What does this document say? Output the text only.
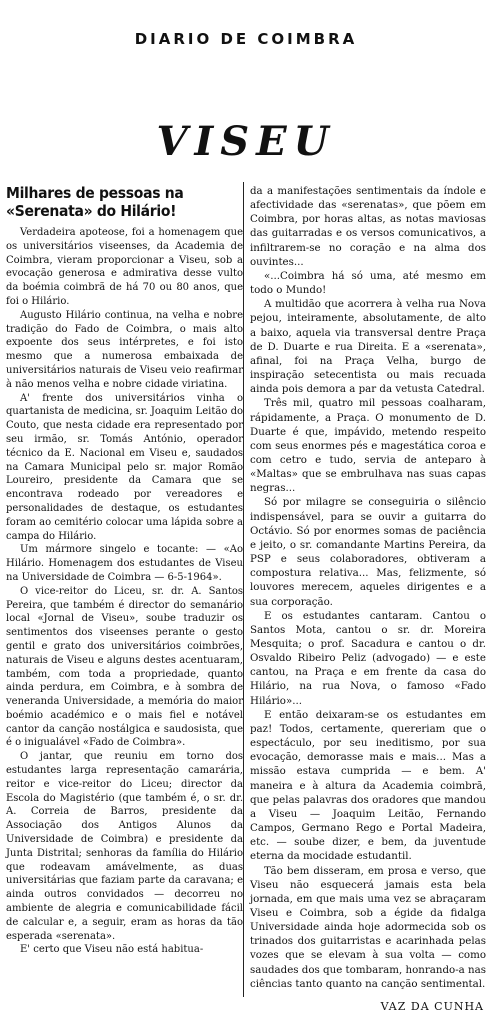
DIARIO DE COIMBRA
VISEU
Milhares de pessoas na «Serenata» do Hilário!

Verdadeira apoteose, foi a homenagem que os universitários viseenses, da Academia de Coimbra, vieram proporcionar a Viseu, sob a evocação generosa e admirativa desse vulto da boémia coimbrã de há 70 ou 80 anos, que foi o Hilário.

Augusto Hilário continua, na velha e nobre tradição do Fado de Coimbra, o mais alto expoente dos seus intérpretes, e foi isto mesmo que a numerosa embaixada de universitários naturais de Viseu veio reafirmar à não menos velha e nobre cidade viriatina.

A' frente dos universitários vinha o quartanista de medicina, sr. Joaquim Leitão do Couto, que nesta cidade era representado por seu irmão, sr. Tomás António, operador técnico da E. Nacional em Viseu e, saudados na Camara Municipal pelo sr. major Romão Loureiro, presidente da Camara que se encontrava rodeado por vereadores e personalidades de destaque, os estudantes foram ao cemitério colocar uma lápida sobre a campa do Hilário.

Um mármore singelo e tocante: — «Ao Hilário. Homenagem dos estudantes de Viseu na Universidade de Coimbra — 6-5-1964».

O vice-reitor do Liceu, sr. dr. A. Santos Pereira, que também é director do semanário local «Jornal de Viseu», soube traduzir os sentimentos dos viseenses perante o gesto gentil e grato dos universitários coimbrões, naturais de Viseu e alguns destes acentuaram, também, com toda a propriedade, quanto ainda perdura, em Coimbra, e à sombra de veneranda Universidade, a memória do maior boémio académico e o mais fiel e notável cantor da canção nostálgica e saudosista, que é o inigualável «Fado de Coimbra».

O jantar, que reuniu em torno dos estudantes larga representação camarária, reitor e vice-reitor do Liceu; director da Escola do Magistério (que também é, o sr. dr. A. Correia de Barros, presidente da Associação dos Antigos Alunos da Universidade de Coimbra) e presidente da Junta Distrital; senhoras da família do Hilário que rodeavam amávelmente, as duas universitárias que faziam parte da caravana; e ainda outros convidados — decorreu no ambiente de alegria e comunicabilidade fácil de calcular e, a seguir, eram as horas da tão esperada «serenata».

E' certo que Viseu não está habitua-

da a manifestações sentimentais da índole e afectividade das «serenatas», que põem em Coimbra, por horas altas, as notas maviosas das guitarradas e os versos comunicativos, a infiltrarem-se no coração e na alma dos ouvintes...

«...Coimbra há só uma, até mesmo em todo o Mundo!

A multidão que acorrera à velha rua Nova pejou, inteiramente, absolutamente, de alto a baixo, aquela via transversal dentre Praça de D. Duarte e rua Direita. E a «serenata», afinal, foi na Praça Velha, burgo de inspiração setecentista ou mais recuada ainda pois demora a par da vetusta Catedral.

Três mil, quatro mil pessoas coalharam, rápidamente, a Praça. O monumento de D. Duarte é que, impávido, metendo respeito com seus enormes pés e magestática coroa e com cetro e tudo, servia de anteparo à «Maltas» que se embrulhava nas suas capas negras...

Só por milagre se conseguiria o silêncio indispensável, para se ouvir a guitarra do Octávio. Só por enormes somas de paciência e jeito, o sr. comandante Martins Pereira, da PSP e seus colaboradores, obtiveram a compostura relativa... Mas, felizmente, só louvores merecem, aqueles dirigentes e a sua corporação.

E os estudantes cantaram. Cantou o Santos Mota, cantou o sr. dr. Moreira Mesquita; o prof. Sacadura e cantou o dr. Osvaldo Ribeiro Peliz (advogado) — e este cantou, na Praça e em frente da casa do Hilário, na rua Nova, o famoso «Fado Hilário»...

E então deixaram-se os estudantes em paz! Todos, certamente, quereriam que o espectáculo, por seu ineditismo, por sua evocação, demorasse mais e mais... Mas a missão estava cumprida — e bem. A' maneira e à altura da Academia coimbrã, que pelas palavras dos oradores que mandou a Viseu — Joaquim Leitão, Fernando Campos, Germano Rego e Portal Madeira, etc. — soube dizer, e bem, da juventude eterna da mocidade estudantil.

Tão bem disseram, em prosa e verso, que Viseu não esquecerá jamais esta bela jornada, em que mais uma vez se abraçaram Viseu e Coimbra, sob a égide da fidalga Universidade ainda hoje adormecida sob os trinados dos guitarristas e acarinhada pelas vozes que se elevam à sua volta — como saudades dos que tombaram, honrando-a nas ciências tanto quanto na canção sentimental.

VAZ DA CUNHA
